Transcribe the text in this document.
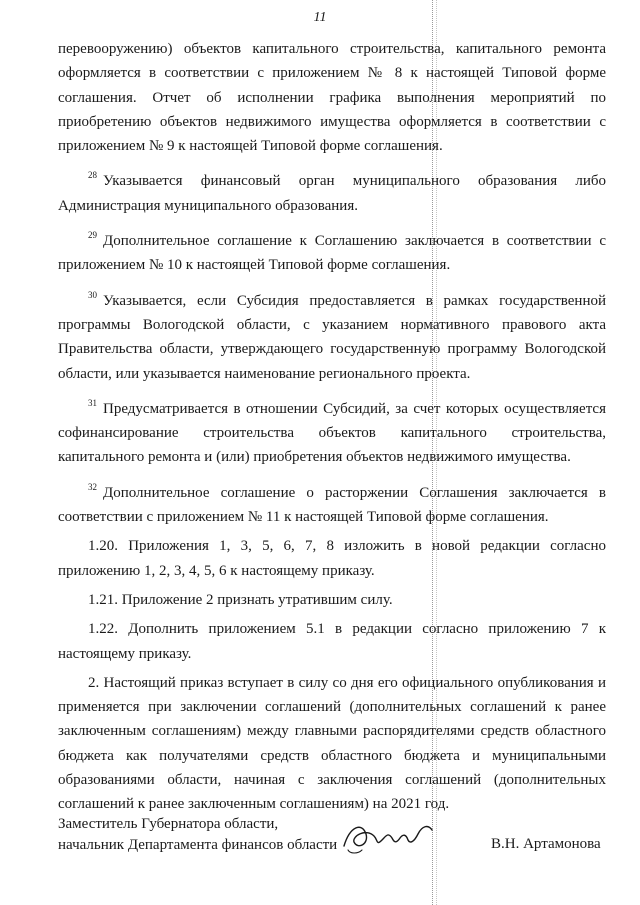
11

перевооружению) объектов капитального строительства, капитального ремонта оформляется в соответствии с приложением № 8 к настоящей Типовой форме соглашения. Отчет об исполнении графика выполнения мероприятий по приобретению объектов недвижимого имущества оформляется в соответствии с приложением № 9 к настоящей Типовой форме соглашения.

$^{28}$ Указывается финансовый орган муниципального образования либо Администрация муниципального образования.

$^{29}$ Дополнительное соглашение к Соглашению заключается в соответствии с приложением № 10 к настоящей Типовой форме соглашения.

$^{30}$ Указывается, если Субсидия предоставляется в рамках государственной программы Вологодской области, с указанием нормативного правового акта Правительства области, утверждающего государственную программу Вологодской области, или указывается наименование регионального проекта.

$^{31}$ Предусматривается в отношении Субсидий, за счет которых осуществляется софинансирование строительства объектов капитального строительства, капитального ремонта и (или) приобретения объектов недвижимого имущества.

$^{32}$ Дополнительное соглашение о расторжении Соглашения заключается в соответствии с приложением № 11 к настоящей Типовой форме соглашения.

1.20. Приложения 1, 3, 5, 6, 7, 8 изложить в новой редакции согласно приложению 1, 2, 3, 4, 5, 6 к настоящему приказу.

1.21. Приложение 2 признать утратившим силу.

1.22. Дополнить приложением 5.1 в редакции согласно приложению 7 к настоящему приказу.

2. Настоящий приказ вступает в силу со дня его официального опубликования и применяется при заключении соглашений (дополнительных соглашений к ранее заключенным соглашениям) между главными распорядителями средств областного бюджета как получателями средств областного бюджета и муниципальными образованиями области, начиная с заключения соглашений (дополнительных соглашений к ранее заключенным соглашениям) на 2021 год.

Заместитель Губернатора области,
начальник Департамента финансов области	В.Н. Артамонова
